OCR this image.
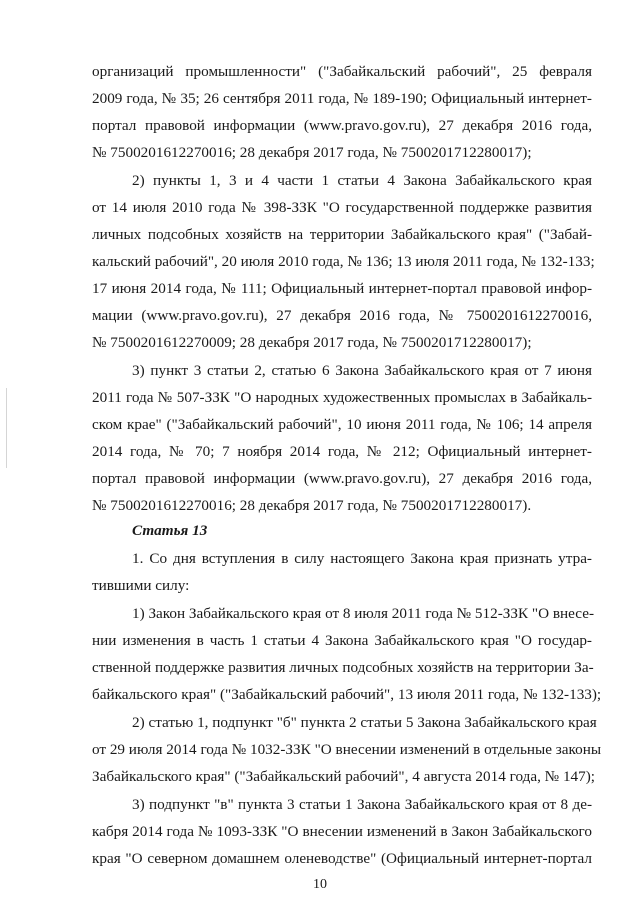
организаций промышленности" ("Забайкальский рабочий", 25 февраля
2009 года, № 35; 26 сентября 2011 года, № 189-190; Официальный интернет-
портал правовой информации (www.pravo.gov.ru), 27 декабря 2016 года,
№ 7500201612270016; 28 декабря 2017 года, № 7500201712280017);
2) пункты 1, 3 и 4 части 1 статьи 4 Закона Забайкальского края
от 14 июля 2010 года № 398-ЗЗК "О государственной поддержке развития
личных подсобных хозяйств на территории Забайкальского края" ("Забай-
кальский рабочий", 20 июля 2010 года, № 136; 13 июля 2011 года, № 132-133;
17 июня 2014 года, № 111; Официальный интернет-портал правовой инфор-
мации (www.pravo.gov.ru), 27 декабря 2016 года, № 7500201612270016,
№ 7500201612270009; 28 декабря 2017 года, № 7500201712280017);
3) пункт 3 статьи 2, статью 6 Закона Забайкальского края от 7 июня
2011 года № 507-ЗЗК "О народных художественных промыслах в Забайкаль-
ском крае" ("Забайкальский рабочий", 10 июня 2011 года, № 106; 14 апреля
2014 года, № 70; 7 ноября 2014 года, № 212; Официальный интернет-
портал правовой информации (www.pravo.gov.ru), 27 декабря 2016 года,
№ 7500201612270016; 28 декабря 2017 года, № 7500201712280017).
Статья 13
1. Со дня вступления в силу настоящего Закона края признать утра-
тившими силу:
1) Закон Забайкальского края от 8 июля 2011 года № 512-ЗЗК "О внесе-
нии изменения в часть 1 статьи 4 Закона Забайкальского края "О государ-
ственной поддержке развития личных подсобных хозяйств на территории За-
байкальского края" ("Забайкальский рабочий", 13 июля 2011 года, № 132-133);
2) статью 1, подпункт "б" пункта 2 статьи 5 Закона Забайкальского края
от 29 июля 2014 года № 1032-ЗЗК "О внесении изменений в отдельные законы
Забайкальского края" ("Забайкальский рабочий", 4 августа 2014 года, № 147);
3) подпункт "в" пункта 3 статьи 1 Закона Забайкальского края от 8 де-
кабря 2014 года № 1093-ЗЗК "О внесении изменений в Закон Забайкальского
края "О северном домашнем оленеводстве" (Официальный интернет-портал
10
